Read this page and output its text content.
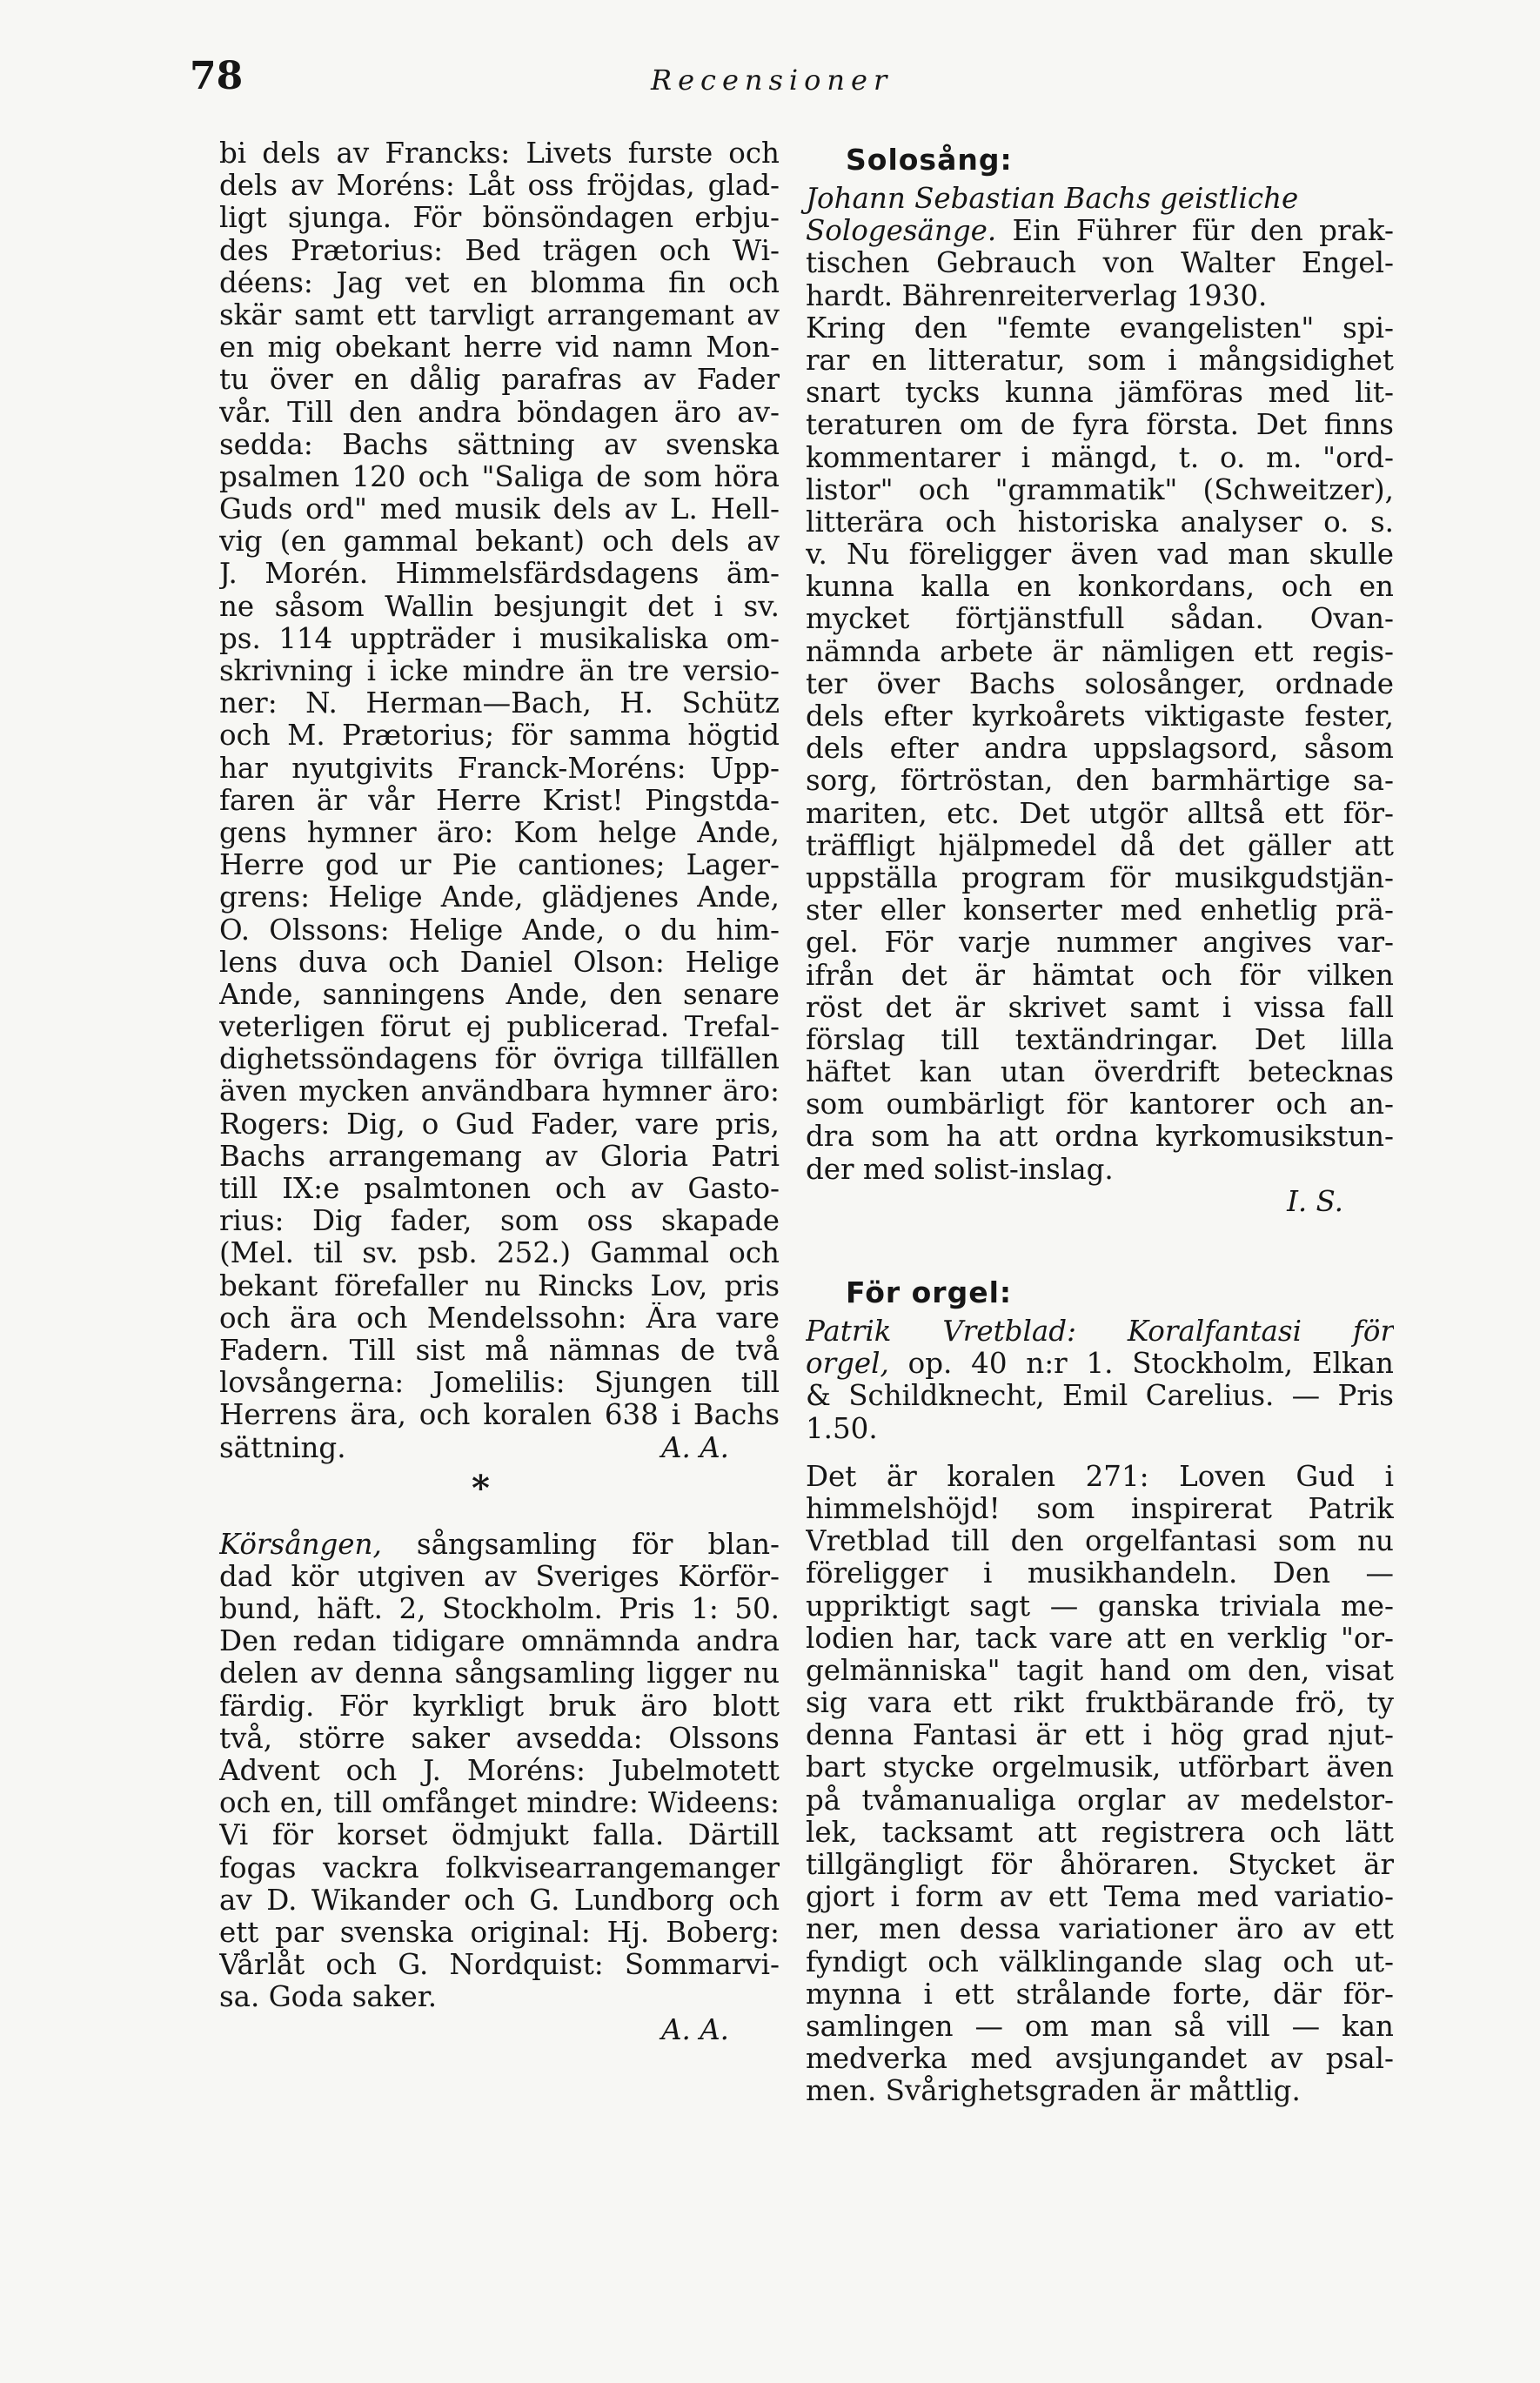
78	Recensioner
bi dels av Francks: Livets furste och
dels av Moréns: Låt oss fröjdas, glad-
ligt sjunga. För bönsöndagen erbju-
des Prætorius: Bed trägen och Wi-
déens: Jag vet en blomma fin och
skär samt ett tarvligt arrangemant av
en mig obekant herre vid namn Mon-
tu över en dålig parafras av Fader
vår. Till den andra böndagen äro av-
sedda: Bachs sättning av svenska
psalmen 120 och "Saliga de som höra
Guds ord" med musik dels av L. Hell-
vig (en gammal bekant) och dels av
J. Morén. Himmelsfärdsdagens äm-
ne såsom Wallin besjungit det i sv.
ps. 114 uppträder i musikaliska om-
skrivning i icke mindre än tre versio-
ner: N. Herman—Bach, H. Schütz
och M. Prætorius; för samma högtid
har nyutgivits Franck-Moréns: Upp-
faren är vår Herre Krist! Pingstda-
gens hymner äro: Kom helge Ande,
Herre god ur Pie cantiones; Lager-
grens: Helige Ande, glädjenes Ande,
O. Olssons: Helige Ande, o du him-
lens duva och Daniel Olson: Helige
Ande, sanningens Ande, den senare
veterligen förut ej publicerad. Trefal-
dighetssöndagens för övriga tillfällen
även mycken användbara hymner äro:
Rogers: Dig, o Gud Fader, vare pris,
Bachs arrangemang av Gloria Patri
till IX:e psalmtonen och av Gasto-
rius: Dig fader, som oss skapade
(Mel. til sv. psb. 252.) Gammal och
bekant förefaller nu Rincks Lov, pris
och ära och Mendelssohn: Ära vare
Fadern. Till sist må nämnas de två
lovsångerna: Jomelilis: Sjungen till
Herrens ära, och koralen 638 i Bachs
sättning.	A. A.
*
Körsången, sångsamling för blan-
dad kör utgiven av Sveriges Körför-
bund, häft. 2, Stockholm. Pris 1: 50.
Den redan tidigare omnämnda andra
delen av denna sångsamling ligger nu
färdig. För kyrkligt bruk äro blott
två, större saker avsedda: Olssons
Advent och J. Moréns: Jubelmotett
och en, till omfånget mindre: Wideens:
Vi för korset ödmjukt falla. Därtill
fogas vackra folkvisearrangemanger
av D. Wikander och G. Lundborg och
ett par svenska original: Hj. Boberg:
Vårlåt och G. Nordquist: Sommarvi-
sa. Goda saker.
A. A.
Solosång:
Johann Sebastian Bachs geistliche
Sologesänge. Ein Führer für den prak-
tischen Gebrauch von Walter Engel-
hardt. Bährenreiterverlag 1930.
Kring den "femte evangelisten" spi-
rar en litteratur, som i mångsidighet
snart tycks kunna jämföras med lit-
teraturen om de fyra första. Det finns
kommentarer i mängd, t. o. m. "ord-
listor" och "grammatik" (Schweitzer),
litterära och historiska analyser o. s.
v. Nu föreligger även vad man skulle
kunna kalla en konkordans, och en
mycket förtjänstfull sådan. Ovan-
nämnda arbete är nämligen ett regis-
ter över Bachs solosånger, ordnade
dels efter kyrkoårets viktigaste fester,
dels efter andra uppslagsord, såsom
sorg, förtröstan, den barmhärtige sa-
mariten, etc. Det utgör alltså ett för-
träffligt hjälpmedel då det gäller att
uppställa program för musikgudstjän-
ster eller konserter med enhetlig prä-
gel. För varje nummer angives var-
ifrån det är hämtat och för vilken
röst det är skrivet samt i vissa fall
förslag till textändringar. Det lilla
häftet kan utan överdrift betecknas
som oumbärligt för kantorer och an-
dra som ha att ordna kyrkomusikstun-
der med solist-inslag.
I. S.
För orgel:
Patrik Vretblad: Koralfantasi för
orgel, op. 40 n:r 1. Stockholm, Elkan
& Schildknecht, Emil Carelius. — Pris
1.50.
Det är koralen 271: Loven Gud i
himmelshöjd! som inspirerat Patrik
Vretblad till den orgelfantasi som nu
föreligger i musikhandeln. Den —
uppriktigt sagt — ganska triviala me-
lodien har, tack vare att en verklig "or-
gelmänniska" tagit hand om den, visat
sig vara ett rikt fruktbärande frö, ty
denna Fantasi är ett i hög grad njut-
bart stycke orgelmusik, utförbart även
på tvåmanualiga orglar av medelstor-
lek, tacksamt att registrera och lätt
tillgängligt för åhöraren. Stycket är
gjort i form av ett Tema med variatio-
ner, men dessa variationer äro av ett
fyndigt och välklingande slag och ut-
mynna i ett strålande forte, där för-
samlingen — om man så vill — kan
medverka med avsjungandet av psal-
men. Svårighetsgraden är måttlig.
